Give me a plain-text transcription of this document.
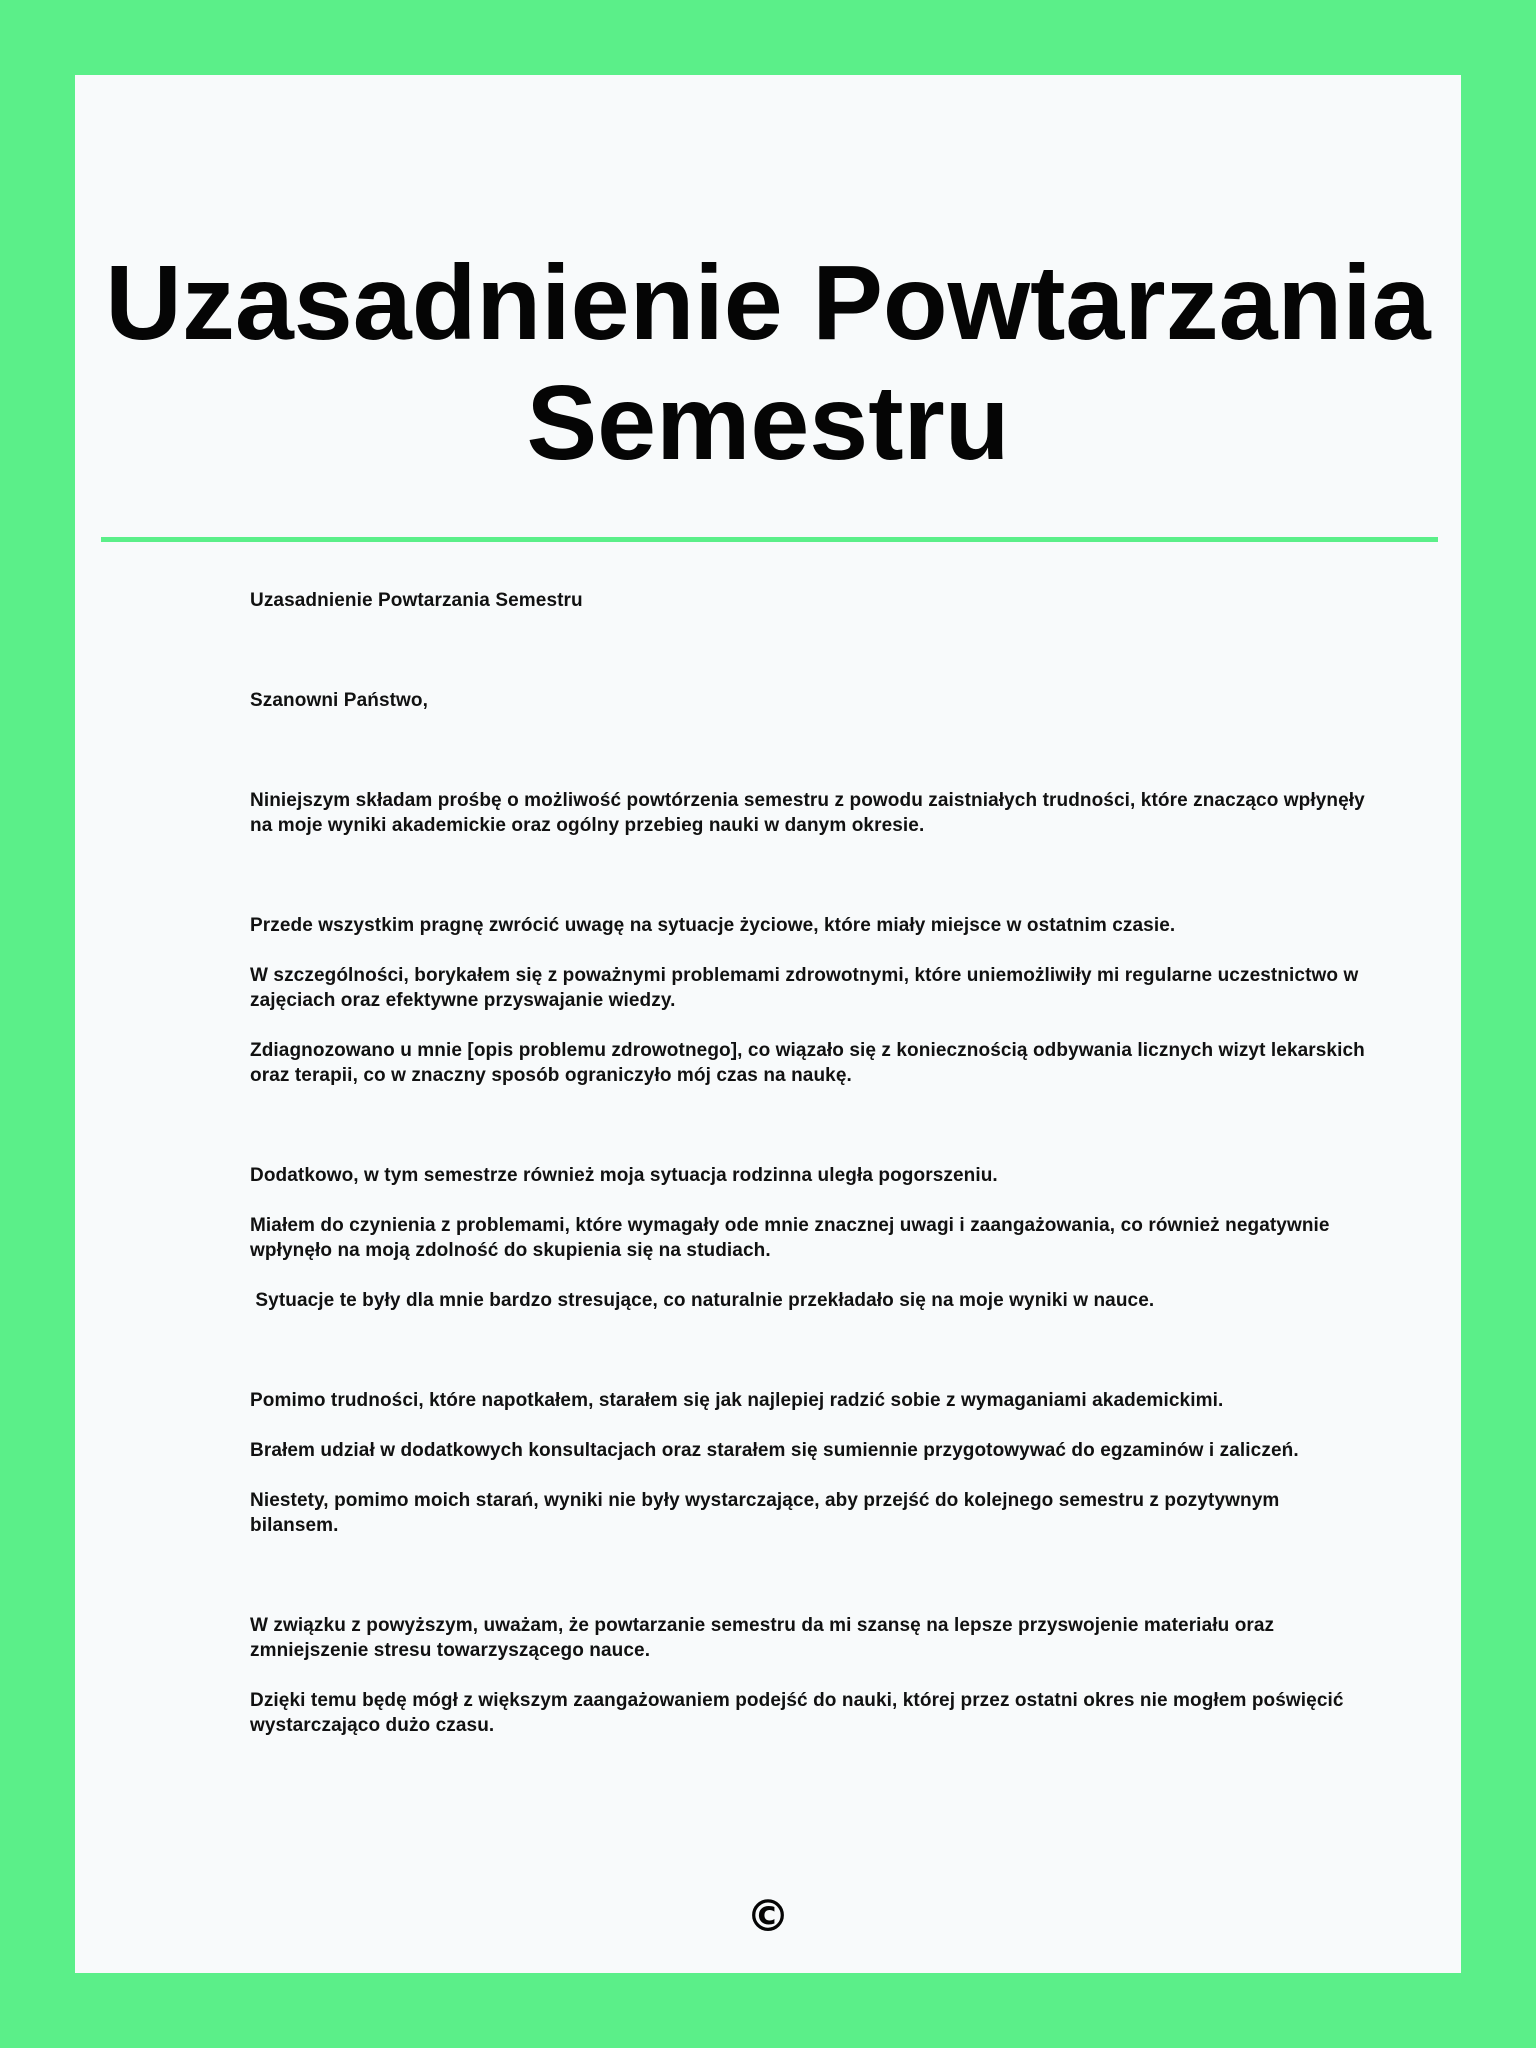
Uzasadnienie Powtarzania Semestru

Uzasadnienie Powtarzania Semestru

Szanowni Państwo,

Niniejszym składam prośbę o możliwość powtórzenia semestru z powodu zaistniałych trudności, które znacząco wpłynęły na moje wyniki akademickie oraz ogólny przebieg nauki w danym okresie.

Przede wszystkim pragnę zwrócić uwagę na sytuacje życiowe, które miały miejsce w ostatnim czasie.

W szczególności, borykałem się z poważnymi problemami zdrowotnymi, które uniemożliwiły mi regularne uczestnictwo w zajęciach oraz efektywne przyswajanie wiedzy.

Zdiagnozowano u mnie [opis problemu zdrowotnego], co wiązało się z koniecznością odbywania licznych wizyt lekarskich oraz terapii, co w znaczny sposób ograniczyło mój czas na naukę.

Dodatkowo, w tym semestrze również moja sytuacja rodzinna uległa pogorszeniu.

Miałem do czynienia z problemami, które wymagały ode mnie znacznej uwagi i zaangażowania, co również negatywnie wpłynęło na moją zdolność do skupienia się na studiach.

Sytuacje te były dla mnie bardzo stresujące, co naturalnie przekładało się na moje wyniki w nauce.

Pomimo trudności, które napotkałem, starałem się jak najlepiej radzić sobie z wymaganiami akademickimi.

Brałem udział w dodatkowych konsultacjach oraz starałem się sumiennie przygotowywać do egzaminów i zaliczeń.

Niestety, pomimo moich starań, wyniki nie były wystarczające, aby przejść do kolejnego semestru z pozytywnym bilansem.

W związku z powyższym, uważam, że powtarzanie semestru da mi szansę na lepsze przyswojenie materiału oraz zmniejszenie stresu towarzyszącego nauce.

Dzięki temu będę mógł z większym zaangażowaniem podejść do nauki, której przez ostatni okres nie mogłem poświęcić wystarczająco dużo czasu.

©
